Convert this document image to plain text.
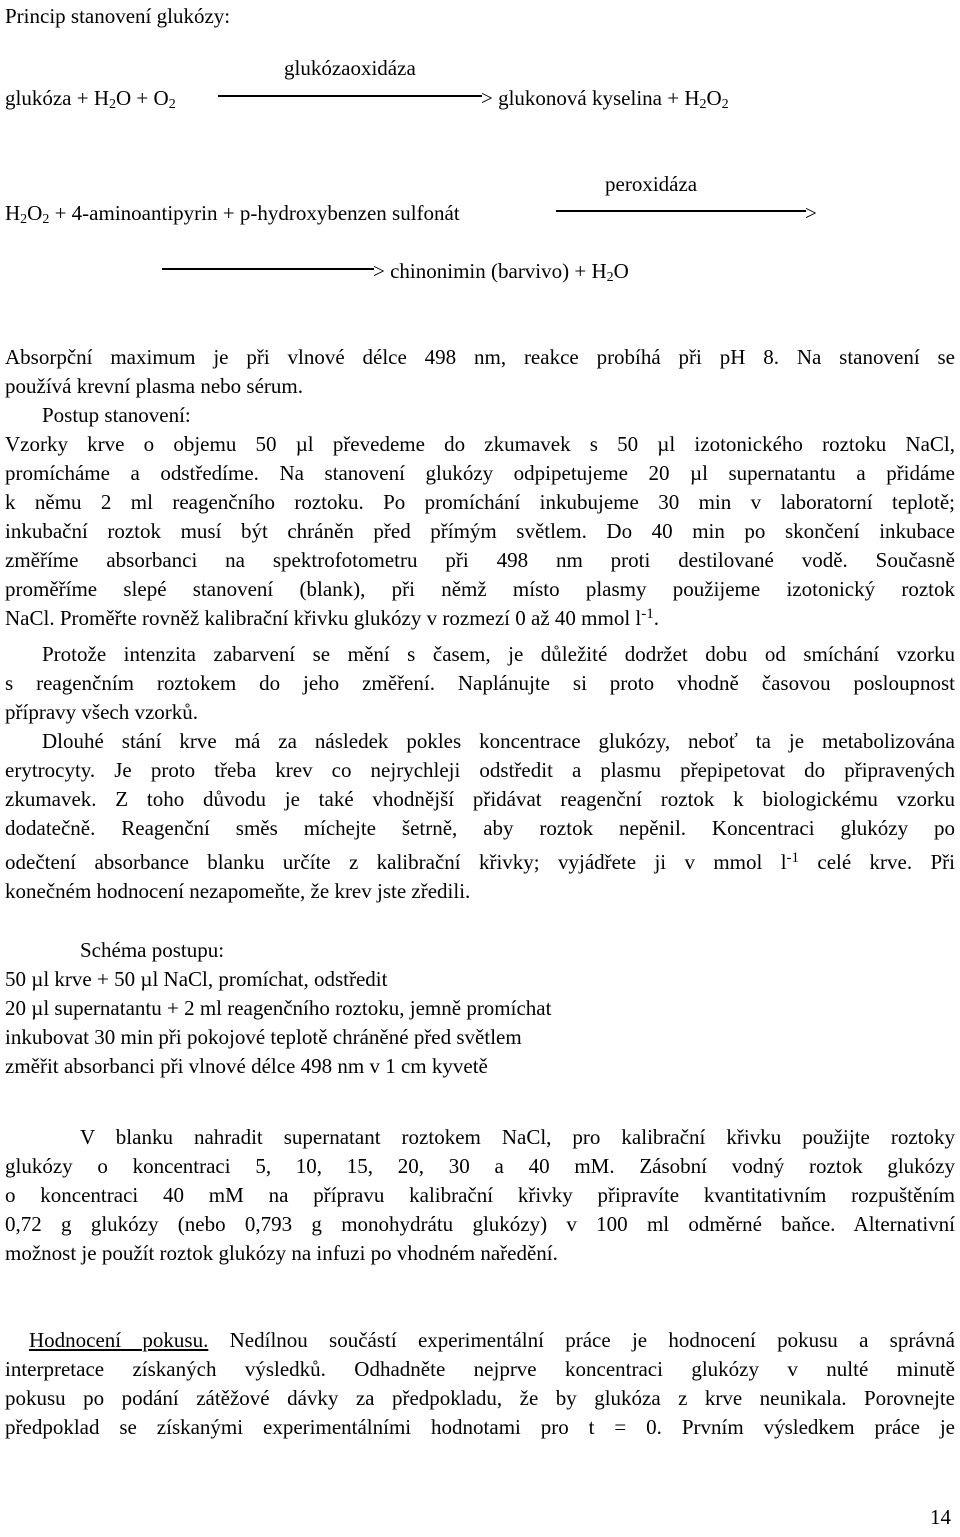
Princip stanovení glukózy:
glukózaoxidáza
glukóza + $H_2O + O_2$	> glukonová kyselina + $H_2O_2$
peroxidáza
$H_2O_2$ + 4-aminoantipyrin + p-hydroxybenzen sulfonát	>
> chinonimin (barvivo) + $H_2O$
Absorpční maximum je při vlnové délce 498 nm, reakce probíhá při pH 8. Na stanovení se
používá krevní plasma nebo sérum.
Postup stanovení:
Vzorky krve o objemu 50 µl převedeme do zkumavek s 50 µl izotonického roztoku NaCl,
promícháme a odstředíme. Na stanovení glukózy odpipetujeme 20 µl supernatantu a přidáme
k němu 2 ml reagenčního roztoku. Po promíchání inkubujeme 30 min v laboratorní teplotě;
inkubační roztok musí být chráněn před přímým světlem. Do 40 min po skončení inkubace
změříme absorbanci na spektrofotometru při 498 nm proti destilované vodě. Současně
proměříme slepé stanovení (blank), při němž místo plasmy použijeme izotonický roztok
NaCl. Proměřte rovněž kalibrační křivku glukózy v rozmezí 0 až 40 mmol $l^{-1}$.
Protože intenzita zabarvení se mění s časem, je důležité dodržet dobu od smíchání vzorku
s reagenčním roztokem do jeho změření. Naplánujte si proto vhodně časovou posloupnost
přípravy všech vzorků.
Dlouhé stání krve má za následek pokles koncentrace glukózy, neboť ta je metabolizována
erytrocyty. Je proto třeba krev co nejrychleji odstředit a plasmu přepipetovat do připravených
zkumavek. Z toho důvodu je také vhodnější přidávat reagenční roztok k biologickému vzorku
dodatečně. Reagenční směs míchejte šetrně, aby roztok nepěnil. Koncentraci glukózy po
odečtení absorbance blanku určíte z kalibrační křivky; vyjádřete ji v mmol $l^{-1}$ celé krve. Při
konečném hodnocení nezapomeňte, že krev jste zředili.
Schéma postupu:
50 µl krve + 50 µl NaCl, promíchat, odstředit
20 µl supernatantu + 2 ml reagenčního roztoku, jemně promíchat
inkubovat 30 min při pokojové teplotě chráněné před světlem
změřit absorbanci při vlnové délce 498 nm v 1 cm kyvetě
V blanku nahradit supernatant roztokem NaCl, pro kalibrační křivku použijte roztoky
glukózy o koncentraci 5, 10, 15, 20, 30 a 40 mM. Zásobní vodný roztok glukózy
o koncentraci 40 mM na přípravu kalibrační křivky připravíte kvantitativním rozpuštěním
0,72 g glukózy (nebo 0,793 g monohydrátu glukózy) v 100 ml odměrné baňce. Alternativní
možnost je použít roztok glukózy na infuzi po vhodném naředění.
Hodnocení pokusu. Nedílnou součástí experimentální práce je hodnocení pokusu a správná
interpretace získaných výsledků. Odhadněte nejprve koncentraci glukózy v nulté minutě
pokusu po podání zátěžové dávky za předpokladu, že by glukóza z krve neunikala. Porovnejte
předpoklad se získanými experimentálními hodnotami pro t = 0. Prvním výsledkem práce je
14
